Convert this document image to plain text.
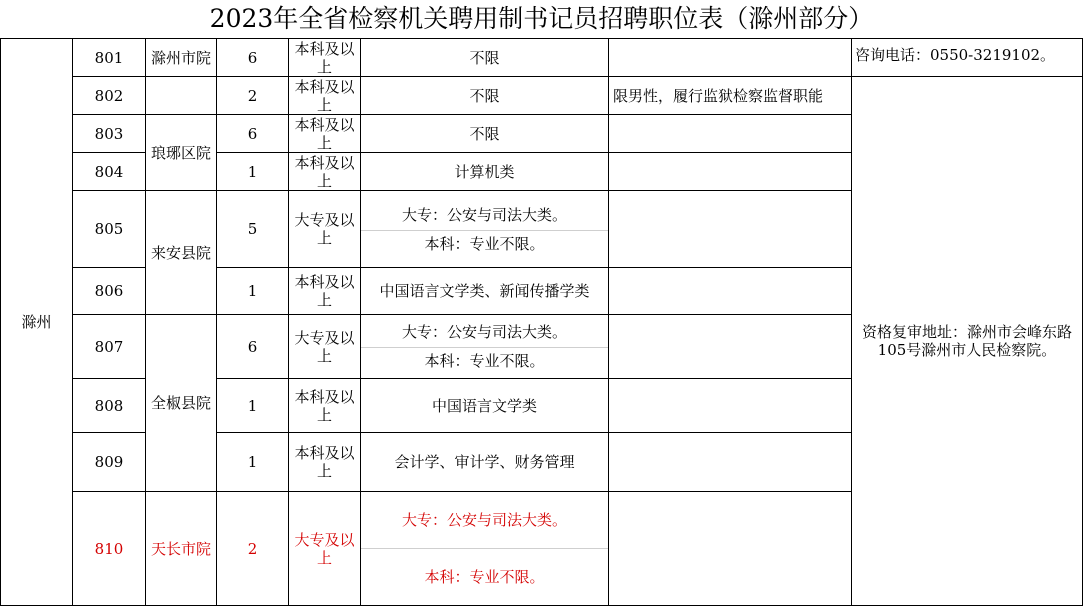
2023年全省检察机关聘用制书记员招聘职位表（滁州部分）
滁州	801	滁州市院	6	本科及以上	不限		咨询电话：0550-3219102。
	802		2	本科及以上	不限	限男性，履行监狱检察监督职能	资格复审地址：滁州市会峰东路105号滁州市人民检察院。
	803	琅琊区院	6	本科及以上	不限		
	804		1	本科及以上	计算机类		
	805	来安县院	5	大专及以上	大专：公安与司法大类。
本科：专业不限。		

	806		1	本科及以上	中国语言文学类、新闻传播学类		
	807	全椒县院	6	大专及以上	大专：公安与司法大类。
本科：专业不限。		

	808		1	本科及以上	中国语言文学类		
	809		1	本科及以上	会计学、审计学、财务管理		
	810	天长市院	2	大专及以上	大专：公安与司法大类。
本科：专业不限。		
